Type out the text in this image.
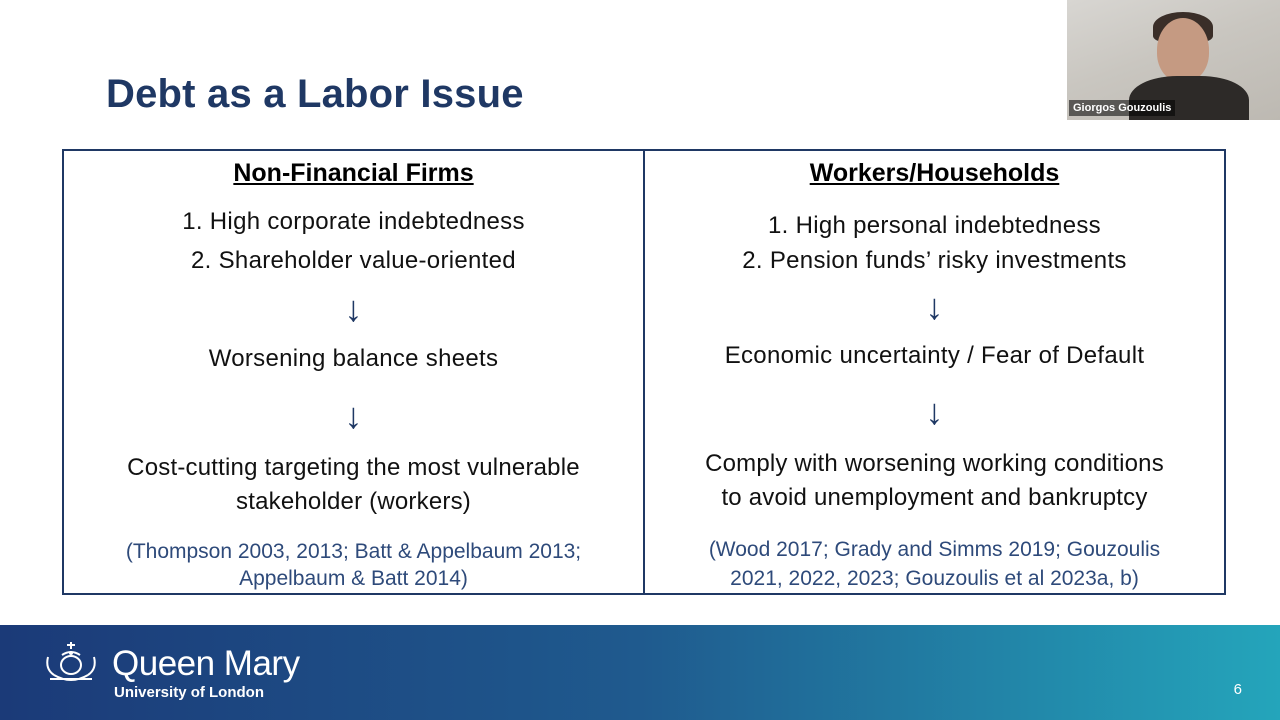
Debt as a Labor Issue
Non-Financial Firms
1. High corporate indebtedness
2. Shareholder value-oriented
↓
Worsening balance sheets
↓
Cost-cutting targeting the most vulnerable
stakeholder (workers)
(Thompson 2003, 2013; Batt & Appelbaum 2013;
Appelbaum & Batt 2014)
Workers/Households
1. High personal indebtedness
2. Pension funds’ risky investments
↓
Economic uncertainty / Fear of Default
↓
Comply with worsening working conditions
to avoid unemployment and bankruptcy
(Wood 2017; Grady and Simms 2019; Gouzoulis
2021, 2022, 2023; Gouzoulis et al 2023a, b)
Giorgos Gouzoulis
Queen Mary
University of London	6
